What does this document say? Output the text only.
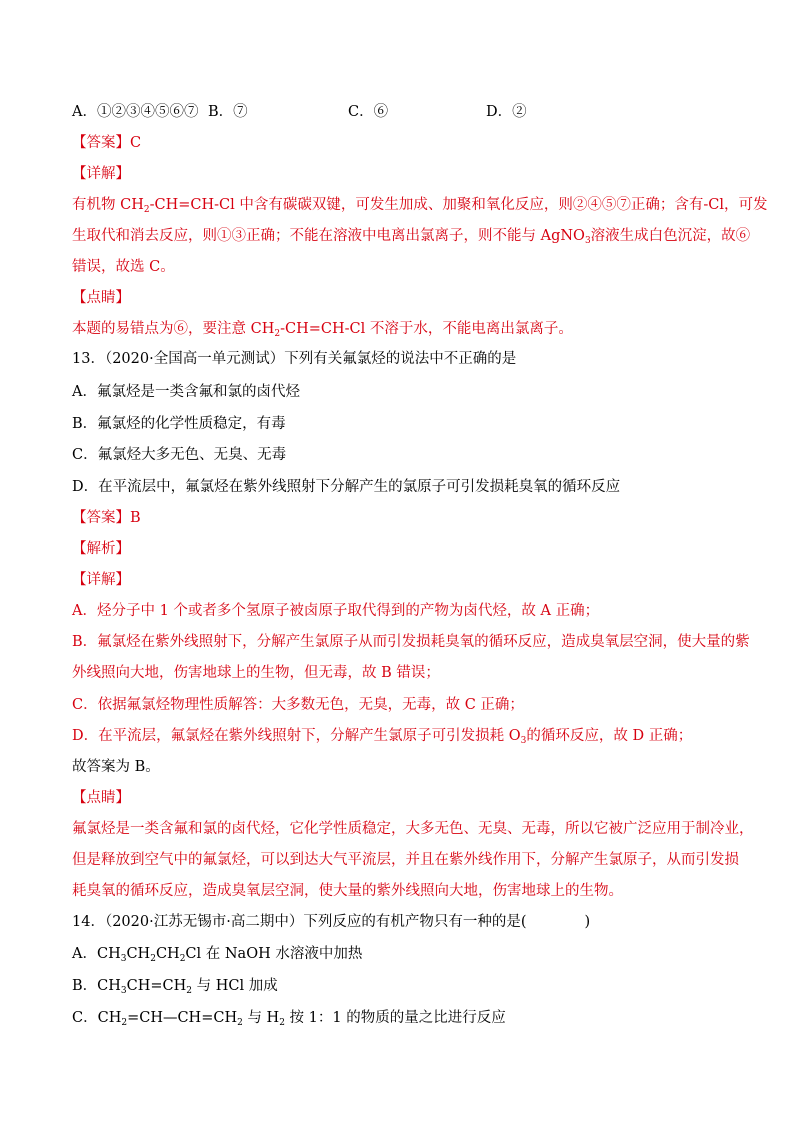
A．①②③④⑤⑥⑦ B．⑦	C．⑥	D．②
【答案】C
【详解】
有机物 $CH_2-CH=CH-Cl$ 中含有碳碳双键，可发生加成、加聚和氧化反应，则②④⑤⑦正确；含有-Cl，可发
生取代和消去反应，则①③正确；不能在溶液中电离出氯离子，则不能与 AgNO$_3$溶液生成白色沉淀，故⑥
错误，故选 C。
【点睛】
本题的易错点为⑥，要注意 $CH_2-CH=CH-Cl$ 不溶于水，不能电离出氯离子。
13．（2020·全国高一单元测试）下列有关氟氯烃的说法中不正确的是
A．氟氯烃是一类含氟和氯的卤代烃
B．氟氯烃的化学性质稳定，有毒
C．氟氯烃大多无色、无臭、无毒
D．在平流层中，氟氯烃在紫外线照射下分解产生的氯原子可引发损耗臭氧的循环反应
【答案】B
【解析】
【详解】
A．烃分子中 1 个或者多个氢原子被卤原子取代得到的产物为卤代烃，故 A 正确；
B．氟氯烃在紫外线照射下，分解产生氯原子从而引发损耗臭氧的循环反应，造成臭氧层空洞，使大量的紫
外线照向大地，伤害地球上的生物，但无毒，故 B 错误；
C．依据氟氯烃物理性质解答：大多数无色，无臭，无毒，故 C 正确；
D．在平流层，氟氯烃在紫外线照射下，分解产生氯原子可引发损耗 $O_3$的循环反应，故 D 正确；
故答案为 B。
【点睛】
氟氯烃是一类含氟和氯的卤代烃，它化学性质稳定，大多无色、无臭、无毒，所以它被广泛应用于制冷业，
但是释放到空气中的氟氯烃，可以到达大气平流层，并且在紫外线作用下，分解产生氯原子，从而引发损
耗臭氧的循环反应，造成臭氧层空洞，使大量的紫外线照向大地，伤害地球上的生物。
14．（2020·江苏无锡市·高二期中）下列反应的有机产物只有一种的是(　　　　)
A．$CH_3CH_2CH_2Cl$ 在 NaOH 水溶液中加热
B．$CH_3CH=CH_2$ 与 HCl 加成
C．$CH_2=CH—CH=CH_2$ 与 $H_2$ 按 1：1 的物质的量之比进行反应
